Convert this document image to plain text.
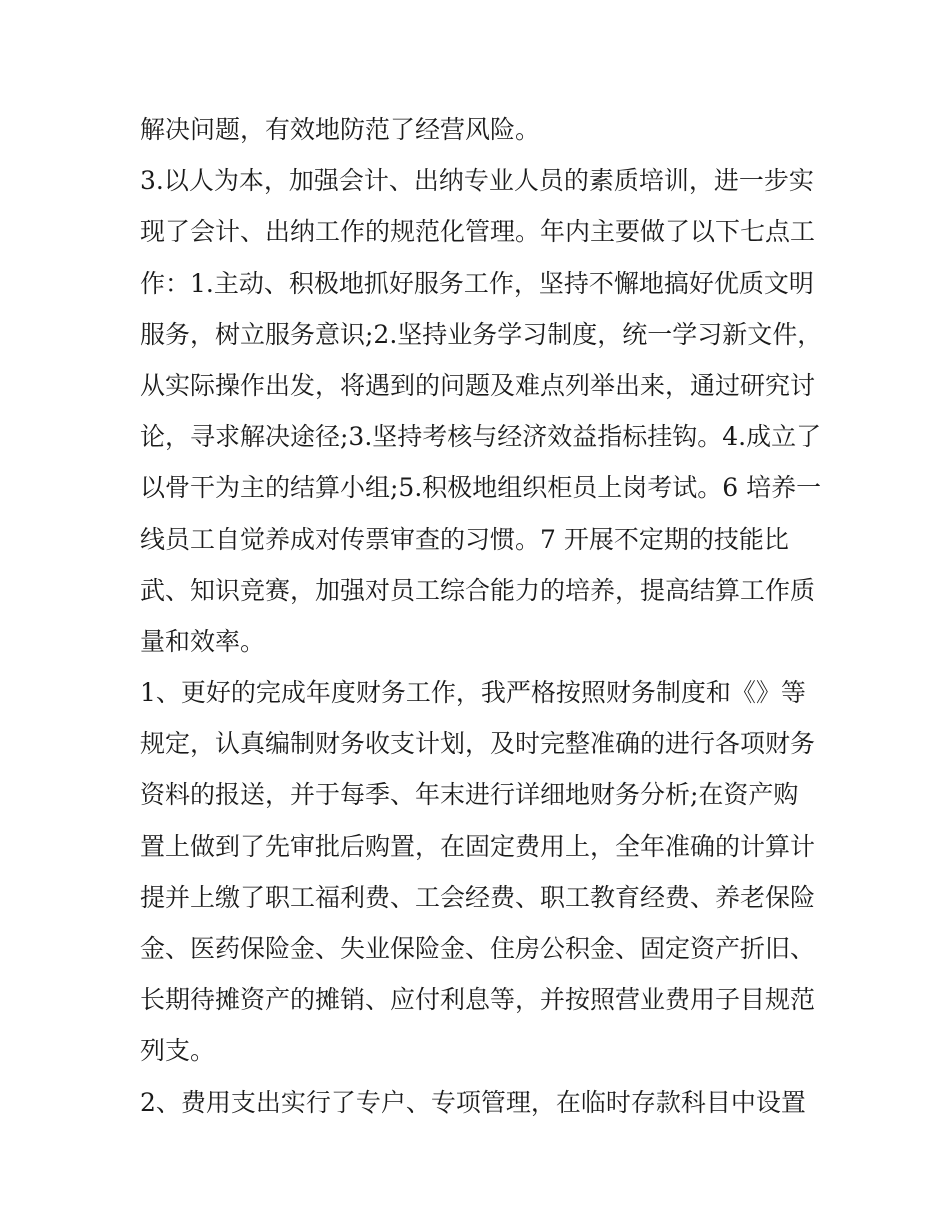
解决问题，有效地防范了经营风险。
3.以人为本，加强会计、出纳专业人员的素质培训，进一步实
现了会计、出纳工作的规范化管理。年内主要做了以下七点工
作：1.主动、积极地抓好服务工作，坚持不懈地搞好优质文明
服务，树立服务意识;2.坚持业务学习制度，统一学习新文件，
从实际操作出发，将遇到的问题及难点列举出来，通过研究讨
论，寻求解决途径;3.坚持考核与经济效益指标挂钩。4.成立了
以骨干为主的结算小组;5.积极地组织柜员上岗考试。6 培养一
线员工自觉养成对传票审查的习惯。7 开展不定期的技能比
武、知识竞赛，加强对员工综合能力的培养，提高结算工作质
量和效率。
1、更好的完成年度财务工作，我严格按照财务制度和《》等
规定，认真编制财务收支计划，及时完整准确的进行各项财务
资料的报送，并于每季、年末进行详细地财务分析;在资产购
置上做到了先审批后购置，在固定费用上，全年准确的计算计
提并上缴了职工福利费、工会经费、职工教育经费、养老保险
金、医药保险金、失业保险金、住房公积金、固定资产折旧、
长期待摊资产的摊销、应付利息等，并按照营业费用子目规范
列支。
2、费用支出实行了专户、专项管理，在临时存款科目中设置
